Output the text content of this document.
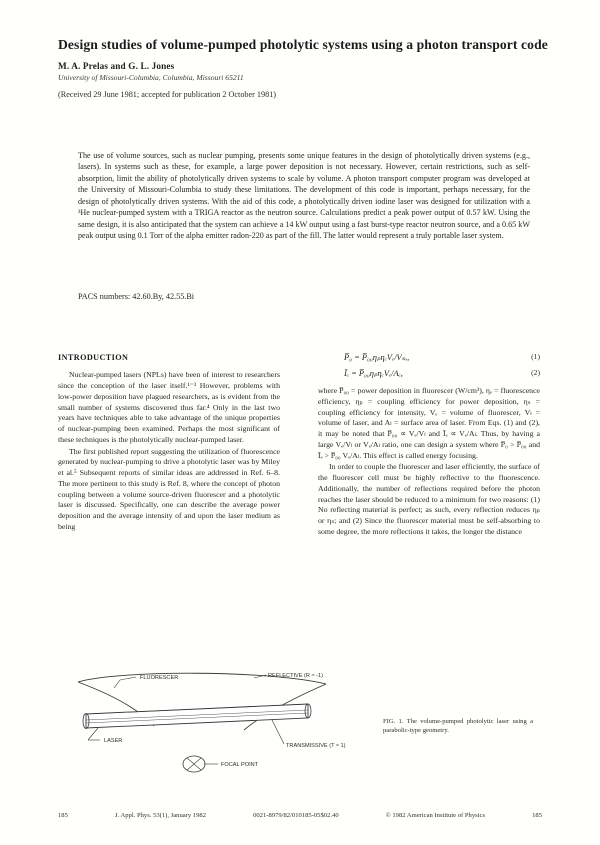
Design studies of volume-pumped photolytic systems using a photon transport code
M. A. Prelas and G. L. Jones
University of Missouri-Columbia, Columbia, Missouri 65211
(Received 29 June 1981; accepted for publication 2 October 1981)
The use of volume sources, such as nuclear pumping, presents some unique features in the design of photolytically driven systems (e.g., lasers). In systems such as these, for example, a large power deposition is not necessary. However, certain restrictions, such as self-absorption, limit the ability of photolytically driven systems to scale by volume. A photon transport computer program was developed at the University of Missouri-Columbia to study these limitations. The development of this code is important, perhaps necessary, for the design of photolytically driven systems. With the aid of this code, a photolytically driven iodine laser was designed for utilization with a ³He nuclear-pumped system with a TRIGA reactor as the neutron source. Calculations predict a peak power output of 0.57 kW. Using the same design, it is also anticipated that the system can achieve a 14 kW output using a fast burst-type reactor neutron source, and a 0.65 kW peak output using 0.1 Torr of the alpha emitter radon-220 as part of the fill. The latter would represent a truly portable laser system.
PACS numbers: 42.60.By, 42.55.Bi
INTRODUCTION

Nuclear-pumped lasers (NPLs) have been of interest to researchers since the conception of the laser itself.¹⁻³ However, problems with low-power deposition have plagued researchers, as is evident from the small number of systems discovered thus far.⁴ Only in the last two years have techniques able to take advantage of the unique properties of nuclear-pumping been examined. Perhaps the most significant of these techniques is the photolytically nuclear-pumped laser.

The first published report suggesting the utilization of fluorescence generated by nuclear-pumping to drive a photolytic laser was by Miley et al.⁵ Subsequent reports of similar ideas are addressed in Ref. 6–8. The more pertinent to this study is Ref. 8, where the concept of photon coupling between a volume source-driven fluorescer and a photolytic laser is discussed. Specifically, one can describe the average power deposition and the average intensity of and upon the laser medium as being

P̅₀ = P̅₀₀ηₚηₑVₑ/Vₛₒ,	(1)
Īₑ = P̅₀₀ηₚηₑVₑ/Aₑ,	(2)

where P̅₀₀ = power deposition in fluorescer (W/cm³), ηₑ = fluorescence efficiency, ηₚ = coupling efficiency for power deposition, ηₛ = coupling efficiency for intensity, Vₑ = volume of fluorescer, Vₗ = volume of laser, and Aₗ = surface area of laser. From Eqs. (1) and (2), it may be noted that P̅₀₀ ∝ Vₑ/Vₗ and Īₑ ∝ Vₑ/Aₗ. Thus, by having a large Vₑ/Vₗ or Vₑ/Aₗ ratio, one can design a system where P̅₀ > P̅₀₀ and Īₑ > P̅₀₀ Vₑ/Aₗ. This effect is called energy focusing.

In order to couple the fluorescer and laser efficiently, the surface of the fluorescer cell must be highly reflective to the fluorescence. Additionally, the number of reflections required before the photon reaches the laser should be reduced to a minimum for two reasons: (1) No reflecting material is perfect; as such, every reflection reduces ηₚ or ηₛ; and (2) Since the fluorescer material must be self-absorbing to some degree, the more reflections it takes, the longer the distance

FLUORESCER	REFLECTIVE (R ≈ -1)
LASER
TRANSMISSIVE (T ≈ 1)
FOCAL POINT
FIG. 1. The volume-pumped photolytic laser using a parabolic-type geometry.
185	J. Appl. Phys. 53(1), January 1982	0021-8979/82/010185-05$02.40	© 1982 American Institute of Physics	185
